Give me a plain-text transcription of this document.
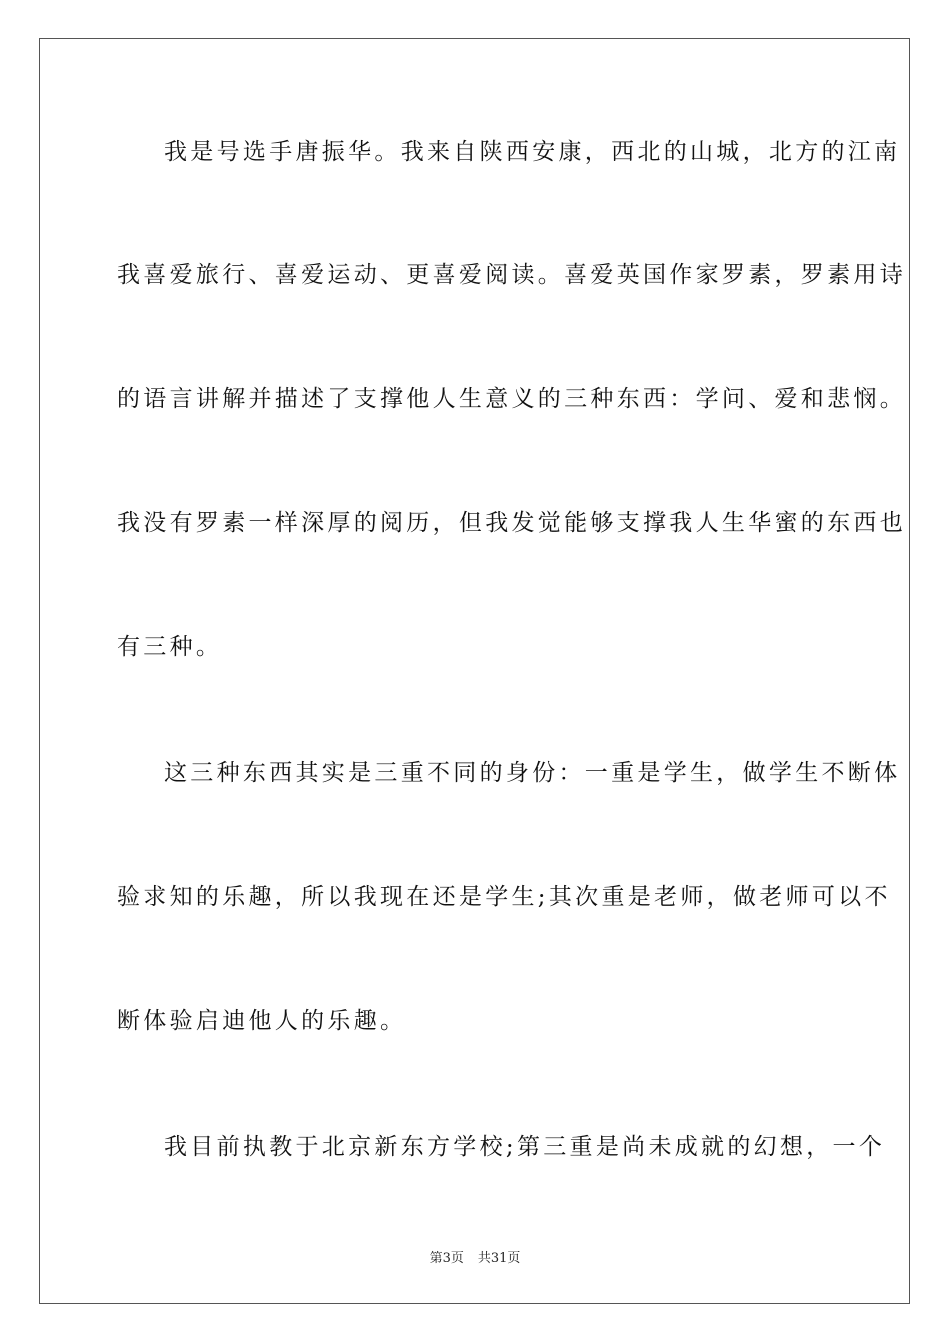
我是号选手唐振华。我来自陕西安康，西北的山城，北方的江南
我喜爱旅行、喜爱运动、更喜爱阅读。喜爱英国作家罗素，罗素用诗
的语言讲解并描述了支撑他人生意义的三种东西：学问、爱和悲悯。
我没有罗素一样深厚的阅历，但我发觉能够支撑我人生华蜜的东西也
有三种。
这三种东西其实是三重不同的身份：一重是学生，做学生不断体
验求知的乐趣，所以我现在还是学生;其次重是老师，做老师可以不
断体验启迪他人的乐趣。
我目前执教于北京新东方学校;第三重是尚未成就的幻想，一个
第3页 共31页
